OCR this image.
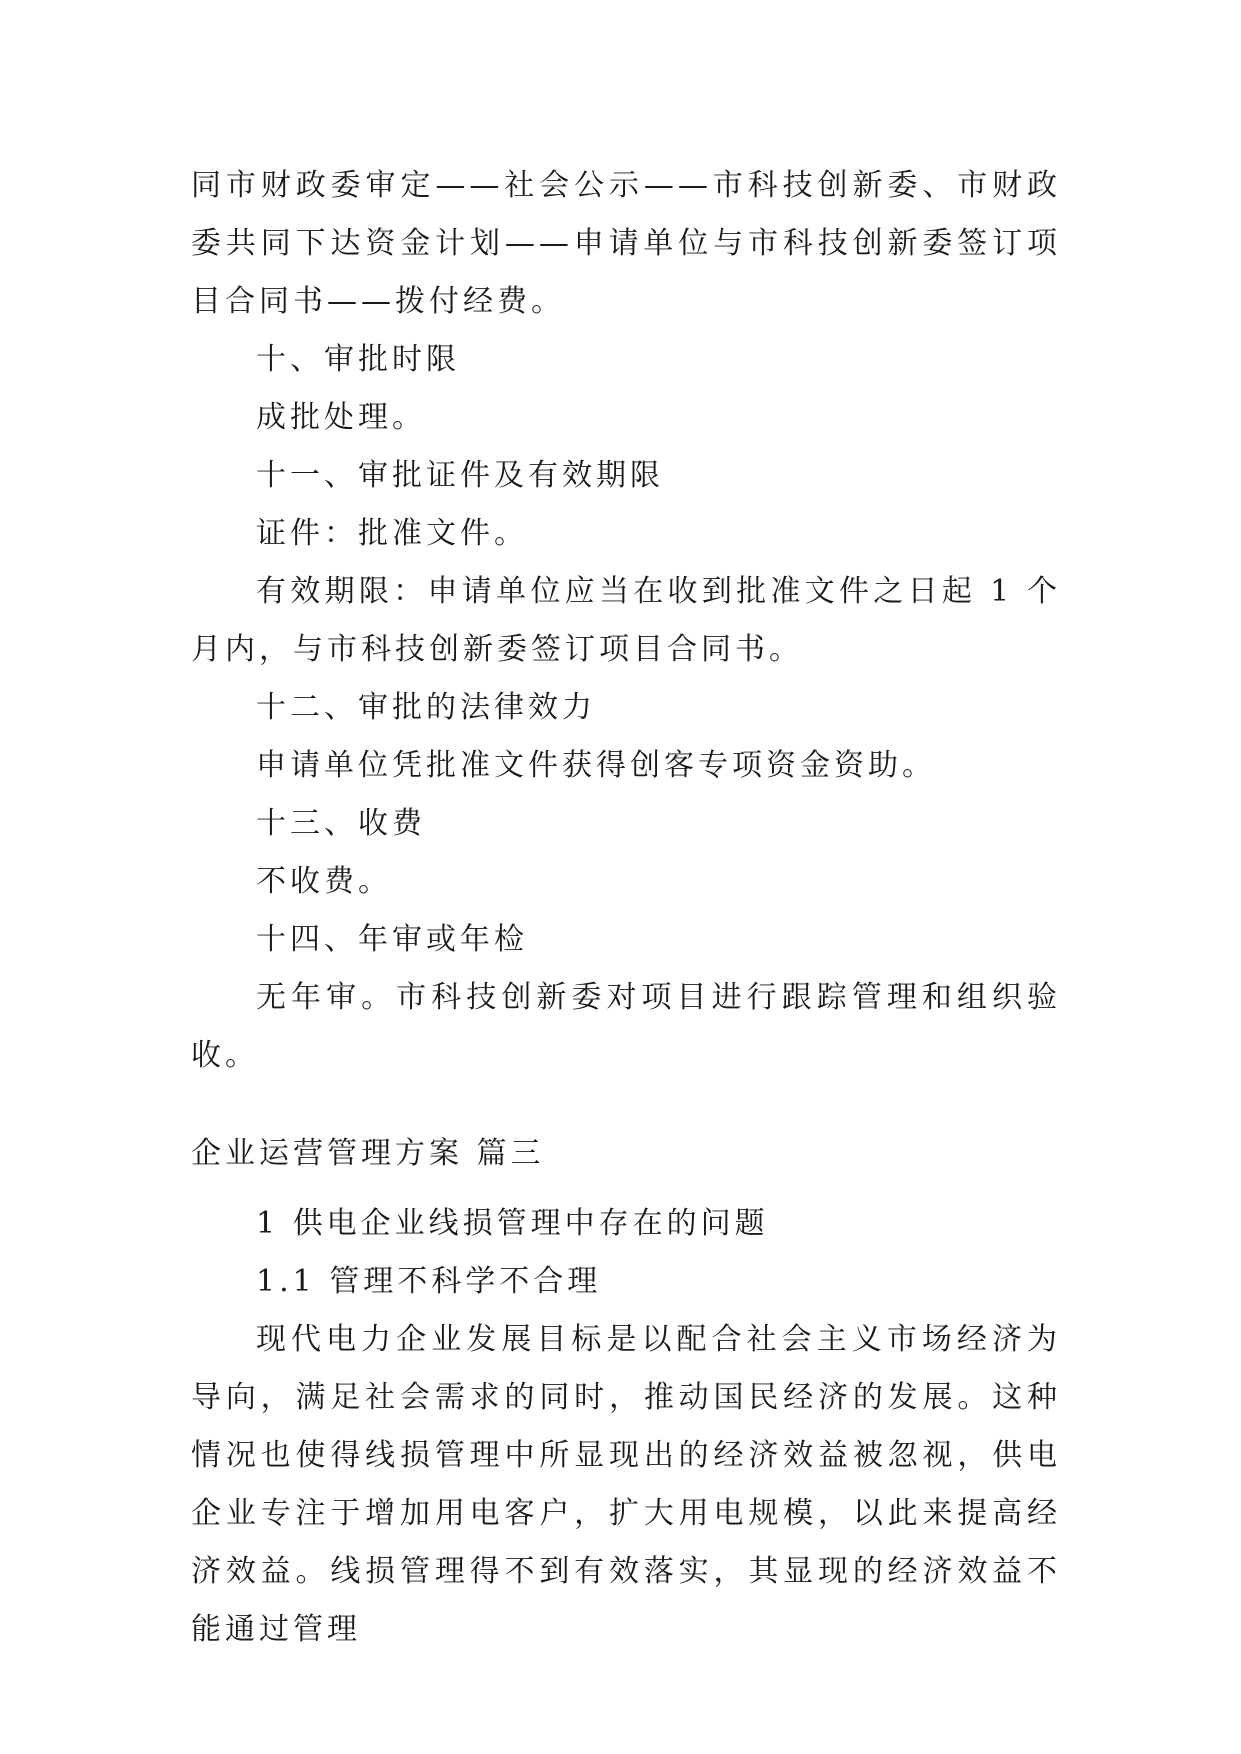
同市财政委审定——社会公示——市科技创新委、市财政委共同下达资金计划——申请单位与市科技创新委签订项目合同书——拨付经费。

十、审批时限

成批处理。

十一、审批证件及有效期限

证件：批准文件。

有效期限：申请单位应当在收到批准文件之日起 1 个月内，与市科技创新委签订项目合同书。

十二、审批的法律效力

申请单位凭批准文件获得创客专项资金资助。

十三、收费

不收费。

十四、年审或年检

无年审。市科技创新委对项目进行跟踪管理和组织验收。

企业运营管理方案 篇三

1 供电企业线损管理中存在的问题

1.1 管理不科学不合理

现代电力企业发展目标是以配合社会主义市场经济为导向，满足社会需求的同时，推动国民经济的发展。这种情况也使得线损管理中所显现出的经济效益被忽视，供电企业专注于增加用电客户，扩大用电规模，以此来提高经济效益。线损管理得不到有效落实，其显现的经济效益不能通过管理
